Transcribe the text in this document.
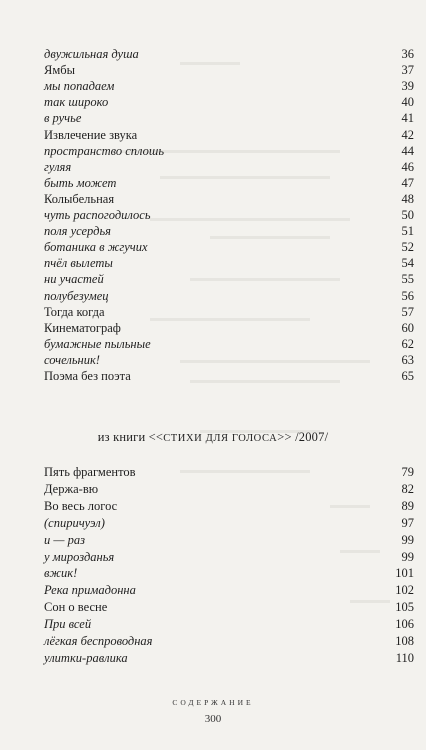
двужильная душа	36
Ямбы	37
мы попадаем	39
так широко	40
в ручье	41
Извлечение звука	42
пространство сплошь	44
гуляя	46
быть может	47
Колыбельная	48
чуть распогодилось	50
поля усердья	51
ботаника в жгучих	52
пчёл вылеты	54
ни участей	55
полубезумец	56
Тогда когда	57
Кинематограф	60
бумажные пыльные	62
сочельник!	63
Поэма без поэта	65
из книги <<СТИХИ ДЛЯ ГОЛОСА>> /2007/
Пять фрагментов	79
Держа-вю	82
Во весь логос	89
(спиричуэл)	97
и — раз	99
у мирозданья	99
вжик!	101
Река примадонна	102
Сон о весне	105
При всей	106
лёгкая беспроводная	108
улитки-равлика	110
СОДЕРЖАНИЕ
300
